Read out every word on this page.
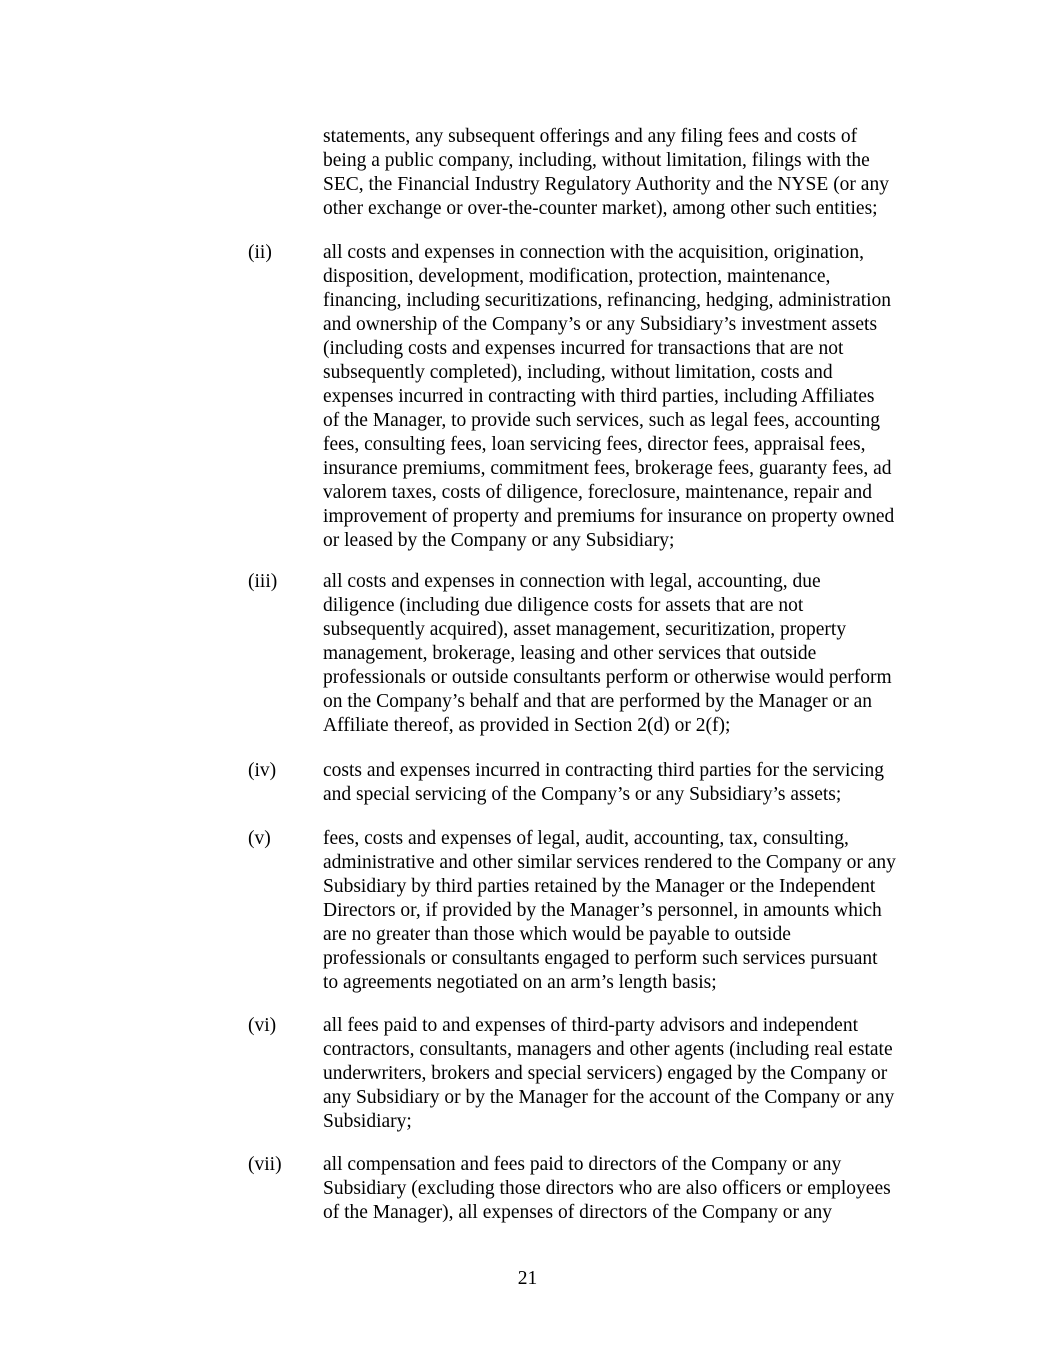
statements, any subsequent offerings and any filing fees and costs of
being a public company, including, without limitation, filings with the
SEC, the Financial Industry Regulatory Authority and the NYSE (or any
other exchange or over-the-counter market), among other such entities;
(ii)	all costs and expenses in connection with the acquisition, origination,
disposition, development, modification, protection, maintenance,
financing, including securitizations, refinancing, hedging, administration
and ownership of the Company’s or any Subsidiary’s investment assets
(including costs and expenses incurred for transactions that are not
subsequently completed), including, without limitation, costs and
expenses incurred in contracting with third parties, including Affiliates
of the Manager, to provide such services, such as legal fees, accounting
fees, consulting fees, loan servicing fees, director fees, appraisal fees,
insurance premiums, commitment fees, brokerage fees, guaranty fees, ad
valorem taxes, costs of diligence, foreclosure, maintenance, repair and
improvement of property and premiums for insurance on property owned
or leased by the Company or any Subsidiary;
(iii) all costs and expenses in connection with legal, accounting, due
diligence (including due diligence costs for assets that are not
subsequently acquired), asset management, securitization, property
management, brokerage, leasing and other services that outside
professionals or outside consultants perform or otherwise would perform
on the Company’s behalf and that are performed by the Manager or an
Affiliate thereof, as provided in Section 2(d) or 2(f);
(iv) costs and expenses incurred in contracting third parties for the servicing
and special servicing of the Company’s or any Subsidiary’s assets;
(v)	fees, costs and expenses of legal, audit, accounting, tax, consulting,
administrative and other similar services rendered to the Company or any
Subsidiary by third parties retained by the Manager or the Independent
Directors or, if provided by the Manager’s personnel, in amounts which
are no greater than those which would be payable to outside
professionals or consultants engaged to perform such services pursuant
to agreements negotiated on an arm’s length basis;
(vi) all fees paid to and expenses of third-party advisors and independent
contractors, consultants, managers and other agents (including real estate
underwriters, brokers and special servicers) engaged by the Company or
any Subsidiary or by the Manager for the account of the Company or any
Subsidiary;
(vii) all compensation and fees paid to directors of the Company or any
Subsidiary (excluding those directors who are also officers or employees
of the Manager), all expenses of directors of the Company or any
21
